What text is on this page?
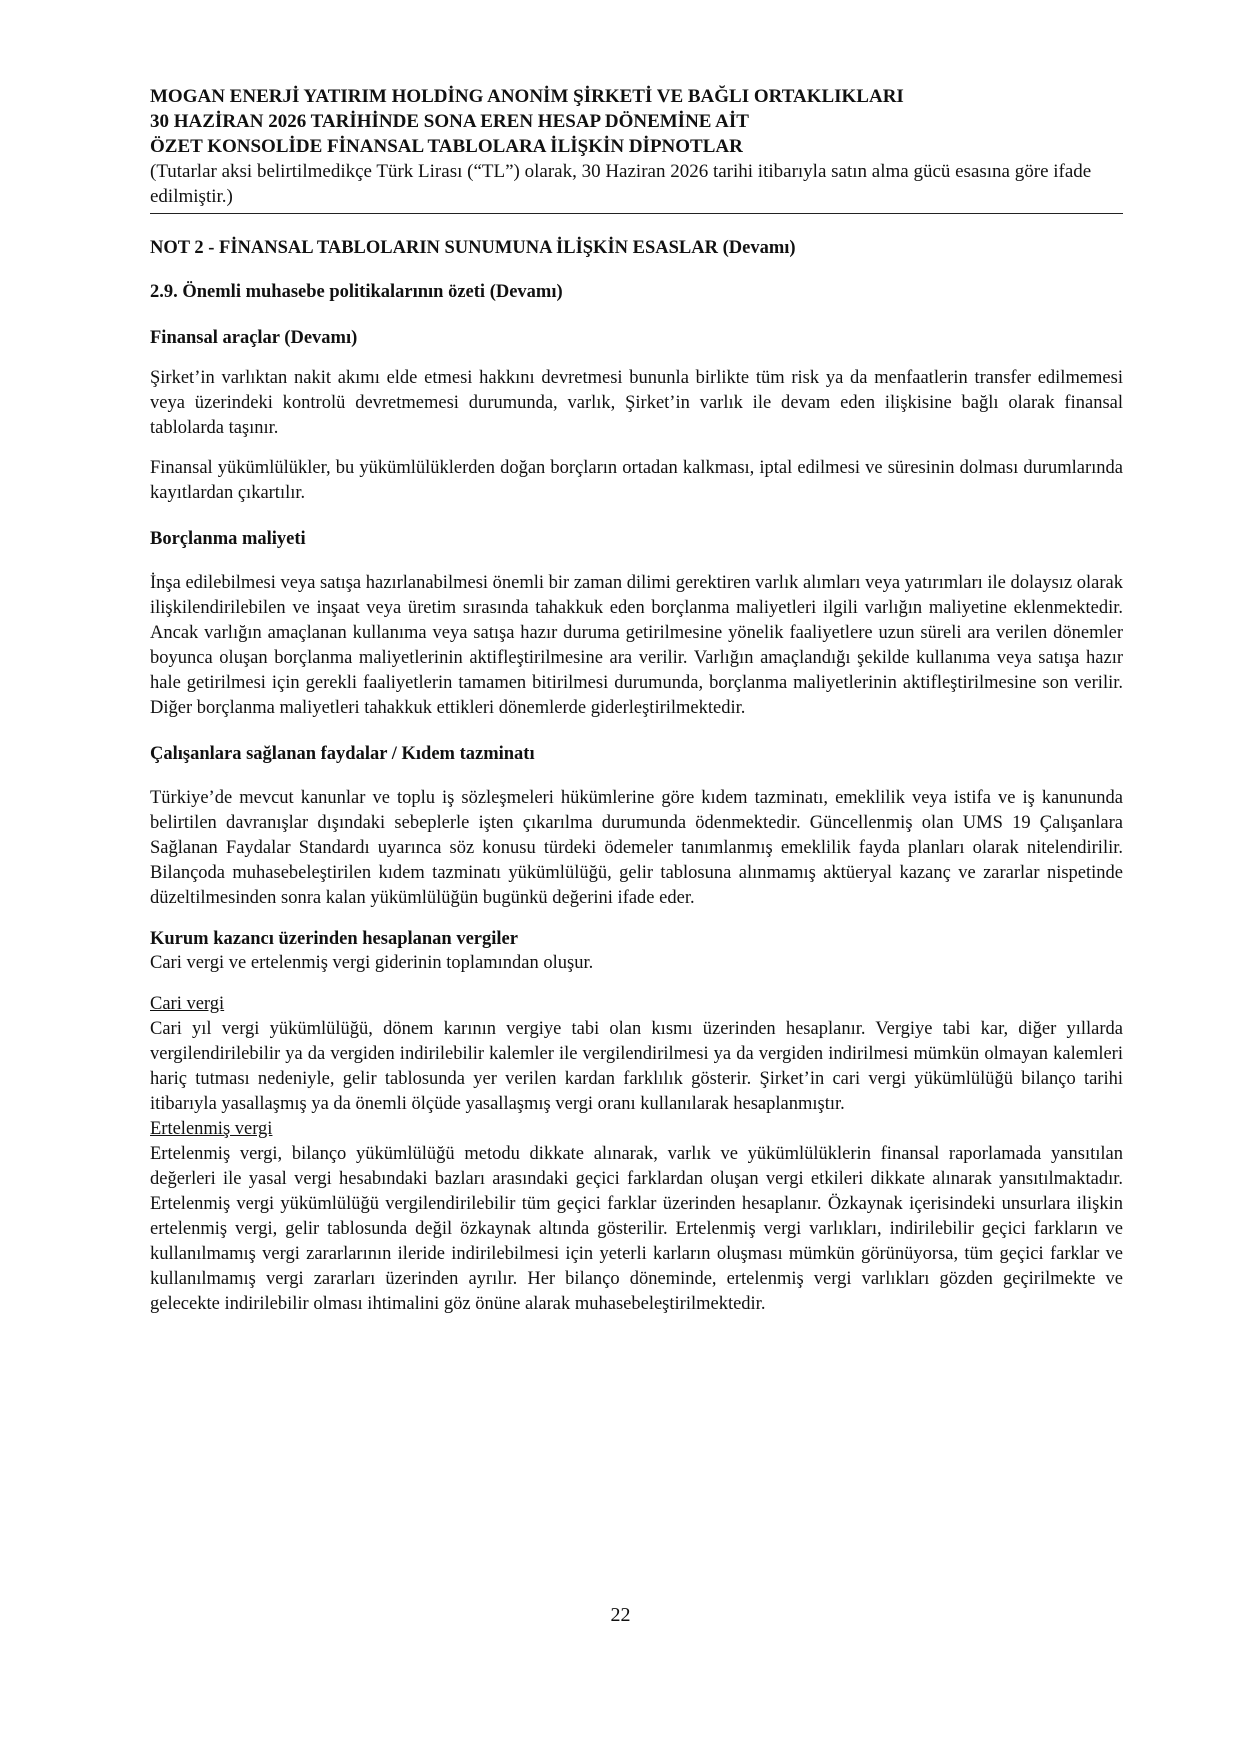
MOGAN ENERJİ YATIRIM HOLDİNG ANONİM ŞİRKETİ VE BAĞLI ORTAKLIKLARI

30 HAZİRAN 2026 TARİHİNDE SONA EREN HESAP DÖNEMİNE AİT

ÖZET KONSOLİDE FİNANSAL TABLOLARA İLİŞKİN DİPNOTLAR

(Tutarlar aksi belirtilmedikçe Türk Lirası (“TL”) olarak, 30 Haziran 2026 tarihi itibarıyla satın alma gücü esasına göre ifade edilmiştir.)

NOT 2 - FİNANSAL TABLOLARIN SUNUMUNA İLİŞKİN ESASLAR (Devamı)
2.9. Önemli muhasebe politikalarının özeti (Devamı)
Finansal araçlar (Devamı)

Şirket’in varlıktan nakit akımı elde etmesi hakkını devretmesi bununla birlikte tüm risk ya da menfaatlerin transfer edilmemesi veya üzerindeki kontrolü devretmemesi durumunda, varlık, Şirket’in varlık ile devam eden ilişkisine bağlı olarak finansal tablolarda taşınır.

Finansal yükümlülükler, bu yükümlülüklerden doğan borçların ortadan kalkması, iptal edilmesi ve süresinin dolması durumlarında kayıtlardan çıkartılır.

Borçlanma maliyeti

İnşa edilebilmesi veya satışa hazırlanabilmesi önemli bir zaman dilimi gerektiren varlık alımları veya yatırımları ile dolaysız olarak ilişkilendirilebilen ve inşaat veya üretim sırasında tahakkuk eden borçlanma maliyetleri ilgili varlığın maliyetine eklenmektedir. Ancak varlığın amaçlanan kullanıma veya satışa hazır duruma getirilmesine yönelik faaliyetlere uzun süreli ara verilen dönemler boyunca oluşan borçlanma maliyetlerinin aktifleştirilmesine ara verilir. Varlığın amaçlandığı şekilde kullanıma veya satışa hazır hale getirilmesi için gerekli faaliyetlerin tamamen bitirilmesi durumunda, borçlanma maliyetlerinin aktifleştirilmesine son verilir. Diğer borçlanma maliyetleri tahakkuk ettikleri dönemlerde giderleştirilmektedir.

Çalışanlara sağlanan faydalar / Kıdem tazminatı

Türkiye’de mevcut kanunlar ve toplu iş sözleşmeleri hükümlerine göre kıdem tazminatı, emeklilik veya istifa ve iş kanununda belirtilen davranışlar dışındaki sebeplerle işten çıkarılma durumunda ödenmektedir. Güncellenmiş olan UMS 19 Çalışanlara Sağlanan Faydalar Standardı uyarınca söz konusu türdeki ödemeler tanımlanmış emeklilik fayda planları olarak nitelendirilir. Bilançoda muhasebeleştirilen kıdem tazminatı yükümlülüğü, gelir tablosuna alınmamış aktüeryal kazanç ve zararlar nispetinde düzeltilmesinden sonra kalan yükümlülüğün bugünkü değerini ifade eder.

Kurum kazancı üzerinden hesaplanan vergiler

Cari vergi ve ertelenmiş vergi giderinin toplamından oluşur.

Cari vergi

Cari yıl vergi yükümlülüğü, dönem karının vergiye tabi olan kısmı üzerinden hesaplanır. Vergiye tabi kar, diğer yıllarda vergilendirilebilir ya da vergiden indirilebilir kalemler ile vergilendirilmesi ya da vergiden indirilmesi mümkün olmayan kalemleri hariç tutması nedeniyle, gelir tablosunda yer verilen kardan farklılık gösterir. Şirket’in cari vergi yükümlülüğü bilanço tarihi itibarıyla yasallaşmış ya da önemli ölçüde yasallaşmış vergi oranı kullanılarak hesaplanmıştır.

Ertelenmiş vergi

Ertelenmiş vergi, bilanço yükümlülüğü metodu dikkate alınarak, varlık ve yükümlülüklerin finansal raporlamada yansıtılan değerleri ile yasal vergi hesabındaki bazları arasındaki geçici farklardan oluşan vergi etkileri dikkate alınarak yansıtılmaktadır. Ertelenmiş vergi yükümlülüğü vergilendirilebilir tüm geçici farklar üzerinden hesaplanır. Özkaynak içerisindeki unsurlara ilişkin ertelenmiş vergi, gelir tablosunda değil özkaynak altında gösterilir. Ertelenmiş vergi varlıkları, indirilebilir geçici farkların ve kullanılmamış vergi zararlarının ileride indirilebilmesi için yeterli karların oluşması mümkün görünüyorsa, tüm geçici farklar ve kullanılmamış vergi zararları üzerinden ayrılır. Her bilanço döneminde, ertelenmiş vergi varlıkları gözden geçirilmekte ve gelecekte indirilebilir olması ihtimalini göz önüne alarak muhasebeleştirilmektedir.

22
